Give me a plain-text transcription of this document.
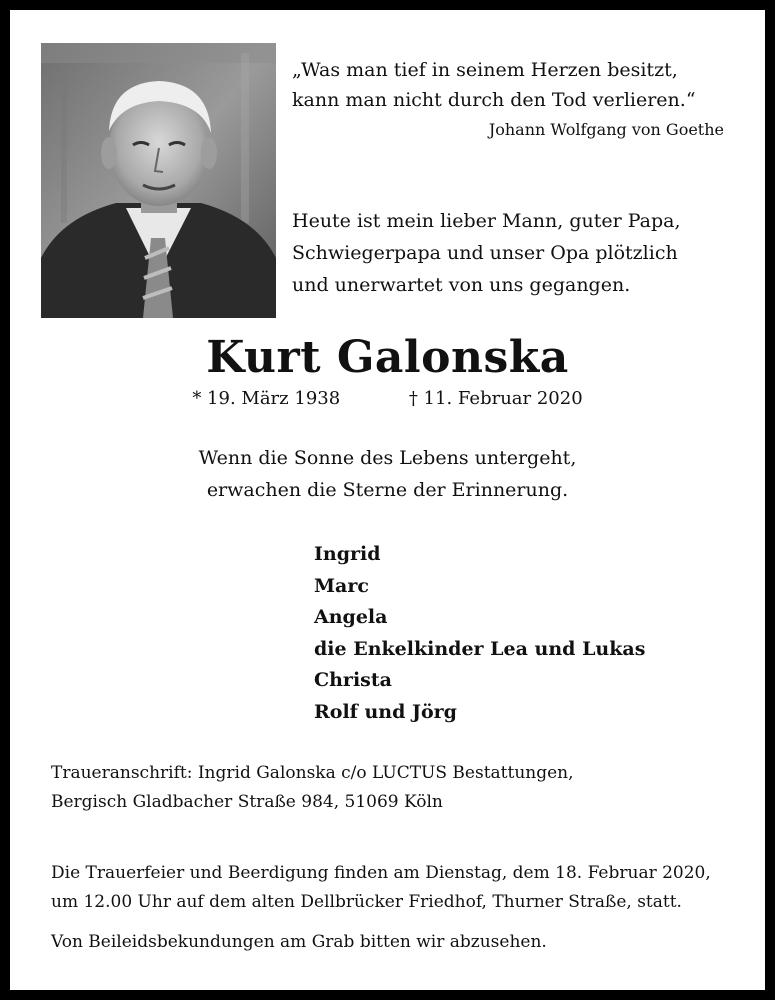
„Was man tief in seinem Herzen besitzt,
kann man nicht durch den Tod verlieren.“
Johann Wolfgang von Goethe

Heute ist mein lieber Mann, guter Papa,

Schwiegerpapa und unser Opa plötzlich

und unerwartet von uns gegangen.

Kurt Galonska
* 19. März 1938            † 11. Februar 2020
Wenn die Sonne des Lebens untergeht,
erwachen die Sterne der Erinnerung.
Ingrid
Marc
Angela
die Enkelkinder Lea und Lukas
Christa
Rolf und Jörg
Traueranschrift: Ingrid Galonska c/o LUCTUS Bestattungen,
Bergisch Gladbacher Straße 984, 51069 Köln
Die Trauerfeier und Beerdigung finden am Dienstag, dem 18. Februar 2020,
um 12.00 Uhr auf dem alten Dellbrücker Friedhof, Thurner Straße, statt.
Von Beileidsbekundungen am Grab bitten wir abzusehen.
